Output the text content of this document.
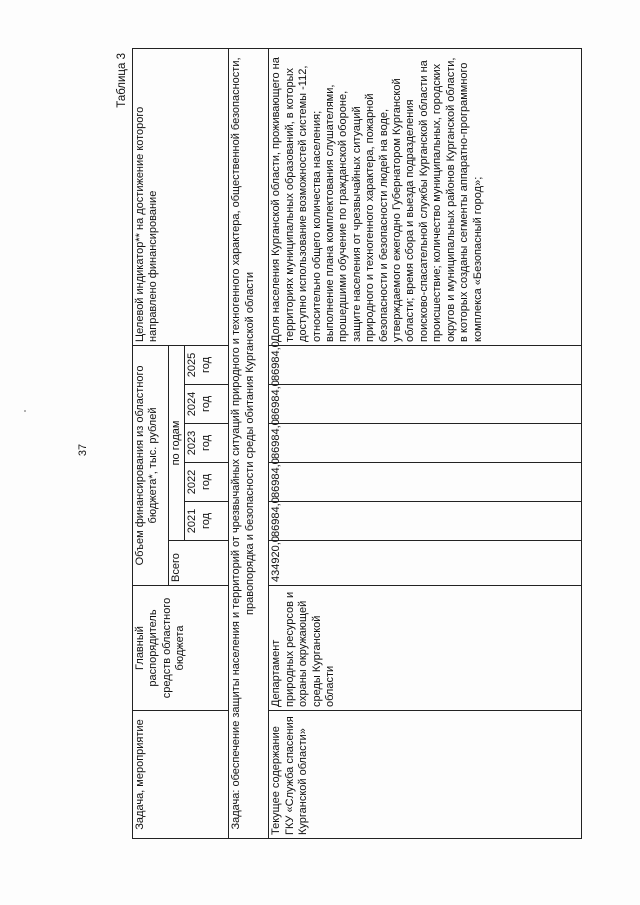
37
Таблица 3
Задача, мероприятие	Главный распорядитель средств областного бюджета	Объем финансирования из областного бюджета*, тыс. рублей						Целевой индикатор** на достижение которого направлено финансирование
		Всего	по годам					
			2021 год	2022 год	2023 год	2024 год	2025 год	
Задача: обеспечение защиты населения и территорий от чрезвычайных ситуаций природного и техногенного характера, общественной безопасности, правопорядка и безопасности среды обитания Курганской области								
Текущее содержание ГКУ «Служба спасения Курганской области»	Департамент природных ресурсов и охраны окружающей среды Курганской области	434920,0	86984,0	86984,0	86984,0	86984,0	86984,0	Доля населения Курганской области, проживающего на территориях муниципальных образований, в которых доступно использование возможностей системы -112, относительно общего количества населения; выполнение плана комплектования слушателями, прошедшими обучение по гражданской обороне, защите населения от чрезвычайных ситуаций природного и техногенного характера, пожарной безопасности и безопасности людей на воде, утверждаемого ежегодно Губернатором Курганской области; время сбора и выезда подразделения поисково-спасательной службы Курганской области на происшествие; количество муниципальных, городских округов и муниципальных районов Курганской области, в которых созданы сегменты аппаратно-программного комплекса «Безопасный город»;
